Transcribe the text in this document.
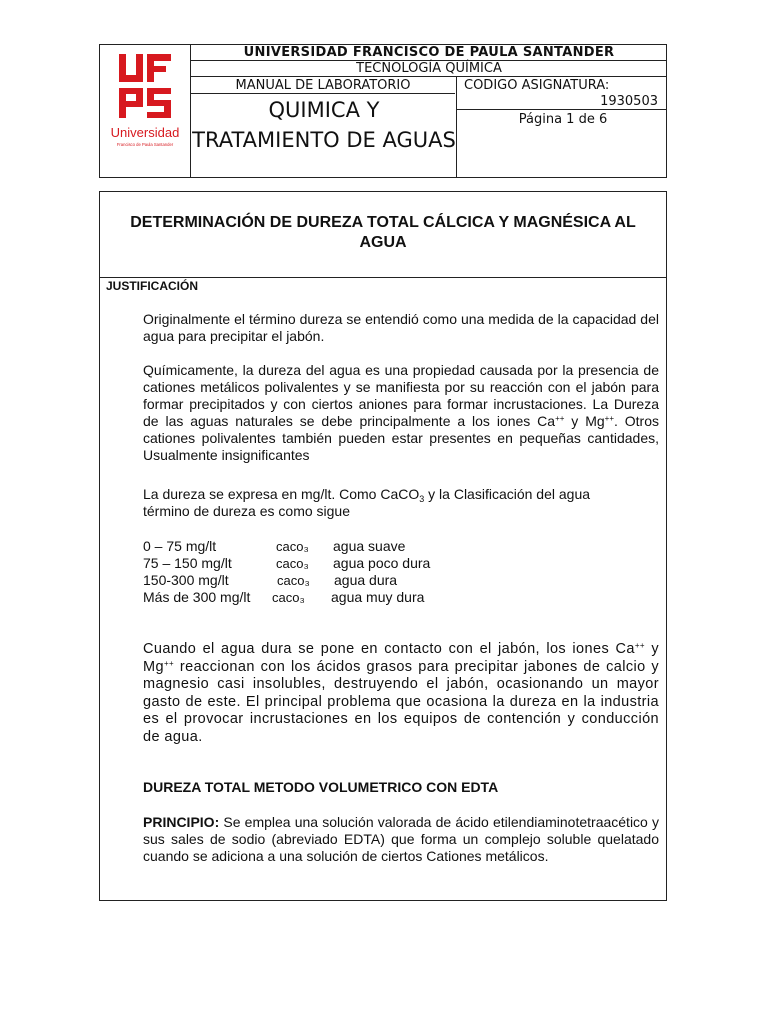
Universidad
Francisco de Paula Santander
UNIVERSIDAD FRANCISCO DE PAULA SANTANDER
TECNOLOGÍA QUÍMICA
MANUAL DE LABORATORIO
QUIMICA Y TRATAMIENTO DE AGUAS
CODIGO ASIGNATURA:
1930503
Página 1 de 6
DETERMINACIÓN DE DUREZA TOTAL CÁLCICA Y MAGNÉSICA AL AGUA
JUSTIFICACIÓN
Originalmente el término dureza se entendió como una medida de la capacidad del agua para precipitar el jabón.
Químicamente, la dureza del agua es una propiedad causada por la presencia de cationes metálicos polivalentes y se manifiesta por su reacción con el jabón para formar precipitados y con ciertos aniones para formar incrustaciones. La Dureza de las aguas naturales se debe principalmente a los iones Ca++ y Mg++. Otros cationes polivalentes también pueden estar presentes en pequeñas cantidades, Usualmente insignificantes
La dureza se expresa en mg/lt. Como CaCO$_3$ y la Clasificación del agua término de dureza es como sigue
0 – 75 mg/lt	caco₃ agua suave
75 – 150 mg/lt	caco₃ agua poco dura
150-300 mg/lt	caco₃ agua dura
Más de 300 mg/lt caco₃ agua muy dura
Cuando el agua dura se pone en contacto con el jabón, los iones Ca++ y Mg++ reaccionan con los ácidos grasos para precipitar jabones de calcio y magnesio casi insolubles, destruyendo el jabón, ocasionando un mayor gasto de este. El principal problema que ocasiona la dureza en la industria es el provocar incrustaciones en los equipos de contención y conducción de agua.
DUREZA TOTAL METODO VOLUMETRICO CON EDTA
PRINCIPIO: Se emplea una solución valorada de ácido etilendiaminotetraacético y sus sales de sodio (abreviado EDTA) que forma un complejo soluble quelatado cuando se adiciona a una solución de ciertos Cationes metálicos.
